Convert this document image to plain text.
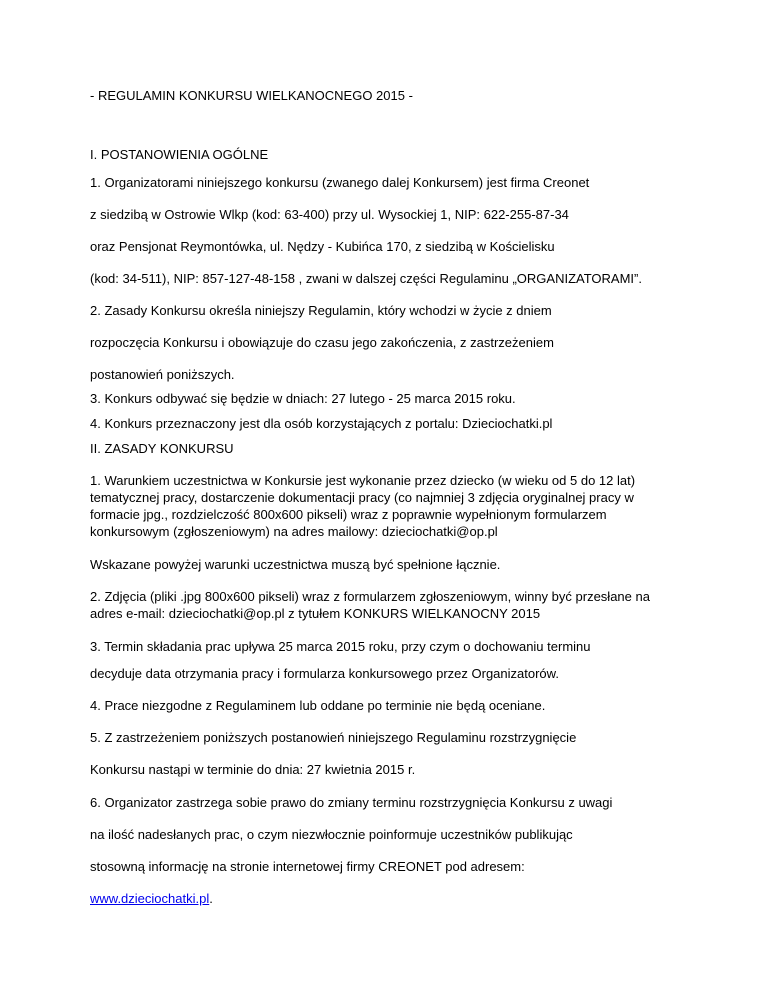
- REGULAMIN KONKURSU WIELKANOCNEGO 2015 -

I. POSTANOWIENIA OGÓLNE

1. Organizatorami niniejszego konkursu (zwanego dalej Konkursem) jest firma Creonet

z siedzibą w Ostrowie Wlkp (kod: 63-400) przy ul. Wysockiej 1, NIP: 622-255-87-34

oraz Pensjonat Reymontówka, ul. Nędzy - Kubińca 170, z siedzibą w Kościelisku

(kod: 34-511), NIP: 857-127-48-158 , zwani w dalszej części Regulaminu „ORGANIZATORAMI”.

2. Zasady Konkursu określa niniejszy Regulamin, który wchodzi w życie z dniem

rozpoczęcia Konkursu i obowiązuje do czasu jego zakończenia, z zastrzeżeniem

postanowień poniższych.

3. Konkurs odbywać się będzie w dniach: 27 lutego - 25 marca 2015 roku.

4. Konkurs przeznaczony jest dla osób korzystających z portalu: Dzieciochatki.pl

II. ZASADY KONKURSU

1. Warunkiem uczestnictwa w Konkursie jest wykonanie przez dziecko (w wieku od 5 do 12 lat)

tematycznej pracy, dostarczenie dokumentacji pracy (co najmniej 3 zdjęcia oryginalnej pracy w

formacie jpg., rozdzielczość 800x600 pikseli) wraz z poprawnie wypełnionym formularzem

konkursowym (zgłoszeniowym) na adres mailowy: dzieciochatki@op.pl

Wskazane powyżej warunki uczestnictwa muszą być spełnione łącznie.

2. Zdjęcia (pliki .jpg 800x600 pikseli) wraz z formularzem zgłoszeniowym, winny być przesłane na

adres e-mail: dzieciochatki@op.pl z tytułem KONKURS WIELKANOCNY 2015

3. Termin składania prac upływa 25 marca 2015 roku, przy czym o dochowaniu terminu

decyduje data otrzymania pracy i formularza konkursowego przez Organizatorów.

4. Prace niezgodne z Regulaminem lub oddane po terminie nie będą oceniane.

5. Z zastrzeżeniem poniższych postanowień niniejszego Regulaminu rozstrzygnięcie

Konkursu nastąpi w terminie do dnia: 27 kwietnia 2015 r.

6. Organizator zastrzega sobie prawo do zmiany terminu rozstrzygnięcia Konkursu z uwagi

na ilość nadesłanych prac, o czym niezwłocznie poinformuje uczestników publikując

stosowną informację na stronie internetowej firmy CREONET pod adresem:

www.dzieciochatki.pl.
